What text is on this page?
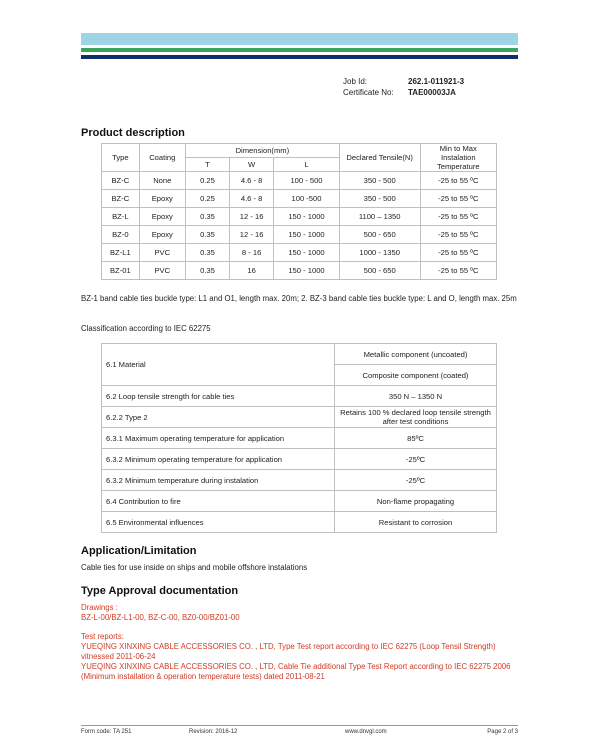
Job Id:	262.1-011921-3
Certificate No:	TAE00003JA
Product description
Type	Coating	Dimension(mm)			Declared Tensile(N)	Min to Max Instalation Temperature
		T	W	L		
BZ-C	None	0.25	4.6 - 8	100 - 500	350 - 500	-25 to 55 ºC
BZ-C	Epoxy	0.25	4.6 - 8	100 -500	350 - 500	-25 to 55 ºC
BZ-L	Epoxy	0.35	12 - 16	150 - 1000	1100 – 1350	-25 to 55 ºC
BZ-0	Epoxy	0.35	12 - 16	150 - 1000	500 - 650	-25 to 55 ºC
BZ-L1	PVC	0.35	8 - 16	150 - 1000	1000 - 1350	-25 to 55 ºC
BZ-01	PVC	0.35	16	150 - 1000	500 - 650	-25 to 55 ºC

BZ-1 band cable ties buckle type: L1 and O1, length max. 20m; 2. BZ-3 band cable ties buckle type: L and O, length max. 25m

Classification according to IEC 62275

6.1 Material	Metallic component (uncoated)
	Composite component (coated)
6.2 Loop tensile strength for cable ties	350 N – 1350 N
6.2.2 Type 2	Retains 100 % declared loop tensile strength after test conditions
6.3.1 Maximum operating temperature for application	85ºC
6.3.2 Minimum operating temperature for application	-25ºC
6.3.2 Minimum temperature during instalation	-25ºC
6.4 Contribution to fire	Non-flame propagating
6.5 Environmental influences	Resistant to corrosion
Application/Limitation

Cable ties for use inside on ships and mobile offshore instalations

Type Approval documentation

Drawings :

BZ-L-00/BZ-L1-00, BZ-C-00, BZ0-00/BZ01-00

Test reports:

YUEQING XINXING CABLE ACCESSORIES CO. , LTD, Type Test report according to IEC 62275 (Loop Tensil Strength) vitnessed 2011-06-24

YUEQING XINXING CABLE ACCESSORIES CO. , LTD, Cable Tie additional Type Test Report according to IEC 62275 2006 (Minimum installation & operation temperature tests) dated 2011-08-21

Form code: TA 251	Revision: 2016-12	www.dnvgl.com	Page 2 of 3
